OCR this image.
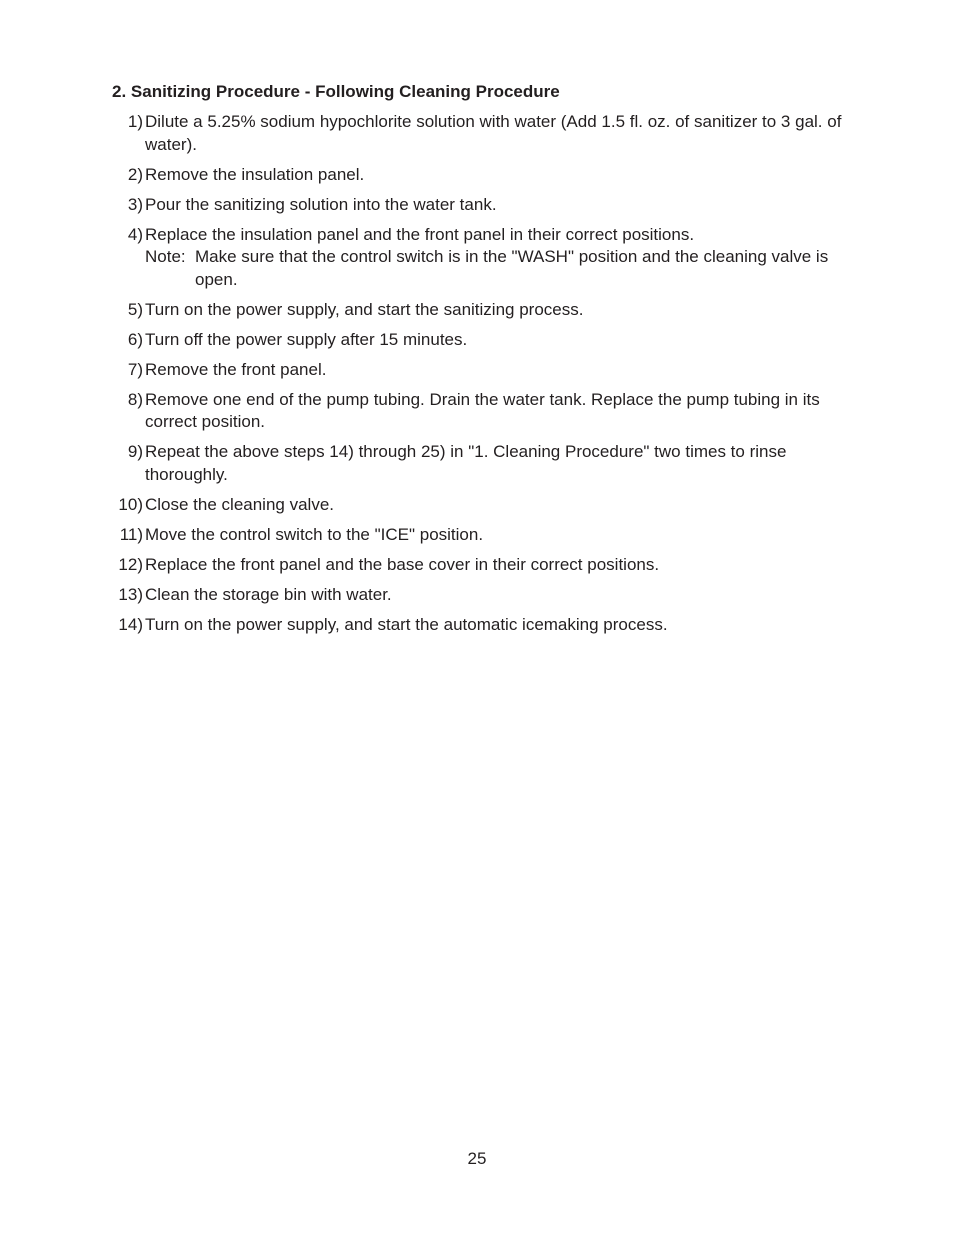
2. Sanitizing Procedure - Following Cleaning Procedure
1) Dilute a 5.25% sodium hypochlorite solution with water (Add 1.5 fl. oz. of sanitizer to 3 gal. of water).
2) Remove the insulation panel.
3) Pour the sanitizing solution into the water tank.
4) Replace the insulation panel and the front panel in their correct positions.
Note: Make sure that the control switch is in the "WASH" position and the cleaning valve is open.
5) Turn on the power supply, and start the sanitizing process.
6) Turn off the power supply after 15 minutes.
7) Remove the front panel.
8) Remove one end of the pump tubing. Drain the water tank. Replace the pump tubing in its correct position.
9) Repeat the above steps 14) through 25) in "1. Cleaning Procedure" two times to rinse thoroughly.
10) Close the cleaning valve.
11) Move the control switch to the "ICE" position.
12) Replace the front panel and the base cover in their correct positions.
13) Clean the storage bin with water.
14) Turn on the power supply, and start the automatic icemaking process.
25
